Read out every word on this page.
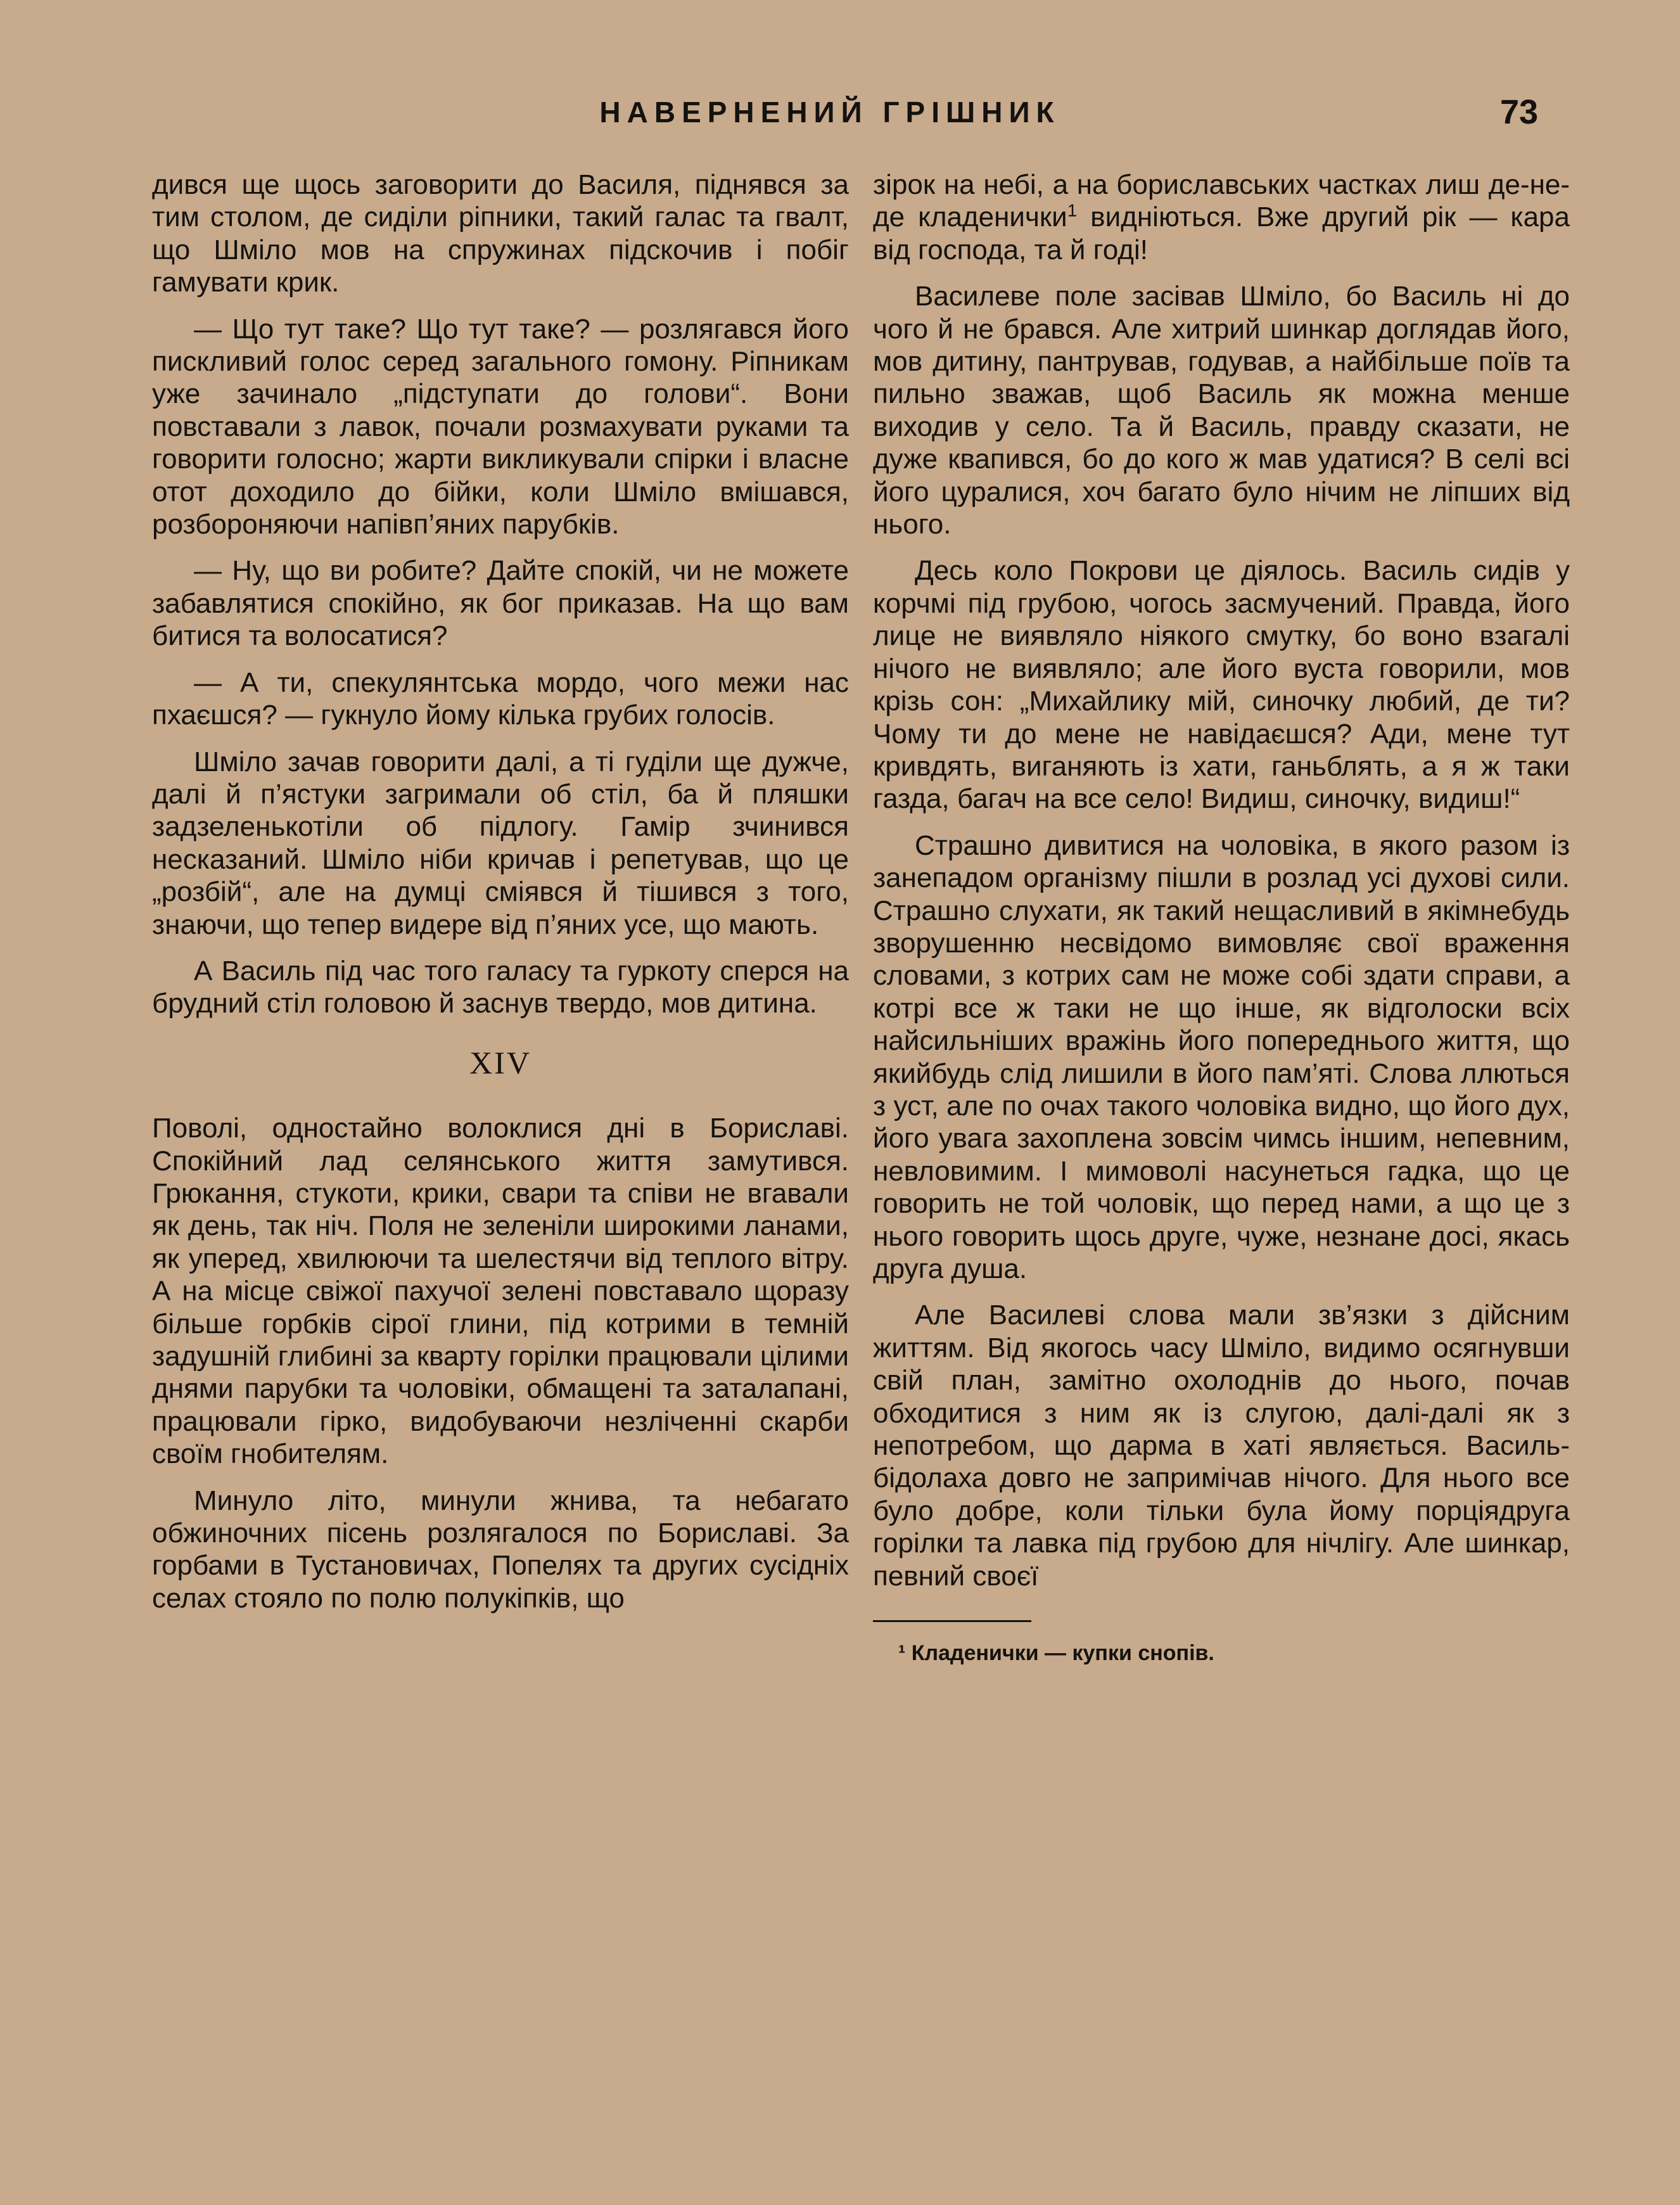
НАВЕРНЕНИЙ ГРІШНИК	73

дився ще щось заговорити до Василя, піднявся за тим столом, де сиділи ріпники, такий галас та гвалт, що Шміло мов на спружинах підскочив і побіг гамувати крик.

— Що тут таке? Що тут таке? — розлягався його пискливий голос серед загального гомону. Ріпникам уже зачинало „підступати до голови“. Вони повставали з лавок, почали розмахувати руками та говорити голосно; жарти викликували спірки і власне отот доходило до бійки, коли Шміло вмішався, розбороняючи напівп’яних парубків.

— Ну, що ви робите? Дайте спокій, чи не можете забавлятися спокійно, як бог приказав. На що вам битися та волосатися?

— А ти, спекулянтська мордо, чого межи нас пхаєшся? — гукнуло йому кілька грубих голосів.

Шміло зачав говорити далі, а ті гуділи ще дужче, далі й п’ястуки загримали об стіл, ба й пляшки задзеленькотіли об підлогу. Гамір зчинився несказаний. Шміло ніби кричав і репетував, що це „розбій“, але на думці сміявся й тішився з того, знаючи, що тепер видере від п’яних усе, що мають.

А Василь під час того галасу та гуркоту сперся на брудний стіл головою й заснув твердо, мов дитина.

XIV

Поволі, одностайно волоклися дні в Бориславі. Спокійний лад селянського життя замутився. Грюкання, стукоти, крики, свари та співи не вгавали як день, так ніч. Поля не зеленіли широкими ланами, як уперед, хвилюючи та шелестячи від теплого вітру. А на місце свіжої пахучої зелені повставало щоразу більше горбків сірої глини, під котрими в темній задушній глибині за кварту горілки працювали цілими днями парубки та чоловіки, обмащені та заталапані, працювали гірко, видобуваючи незліченні скарби своїм гнобителям.

Минуло літо, минули жнива, та небагато обжиночних пісень розлягалося по Бориславі. За горбами в Тустановичах, Попелях та других сусідніх селах стояло по полю полукіпків, що

зірок на небі, а на бориславських частках лиш де-не-де кладенички$^1$ видніються. Вже другий рік — кара від господа, та й годі!

Василеве поле засівав Шміло, бо Василь ні до чого й не брався. Але хитрий шинкар доглядав його, мов дитину, пантрував, годував, а найбільше поїв та пильно зважав, щоб Василь як можна менше виходив у село. Та й Василь, правду сказати, не дуже квапився, бо до кого ж мав удатися? В селі всі його цуралися, хоч багато було нічим не ліпших від нього.

Десь коло Покрови це діялось. Василь сидів у корчмі під грубою, чогось засмучений. Правда, його лице не виявляло ніякого смутку, бо воно взагалі нічого не виявляло; але його вуста говорили, мов крізь сон: „Михайлику мій, синочку любий, де ти? Чому ти до мене не навідаєшся? Ади, мене тут кривдять, виганяють із хати, ганьблять, а я ж таки газда, багач на все село! Видиш, синочку, видиш!“

Страшно дивитися на чоловіка, в якого разом із занепадом організму пішли в розлад усі духові сили. Страшно слухати, як такий нещасливий в якімнебудь зворушенню несвідомо вимовляє свої враження словами, з котрих сам не може собі здати справи, а котрі все ж таки не що інше, як відголоски всіх найсильніших вражінь його попереднього життя, що якийбудь слід лишили в його пам’яті. Слова ллються з уст, але по очах такого чоловіка видно, що його дух, його увага захоплена зовсім чимсь іншим, непевним, невловимим. І мимоволі насунеться гадка, що це говорить не той чоловік, що перед нами, а що це з нього говорить щось друге, чуже, незнане досі, якась друга душа.

Але Василеві слова мали зв’язки з дійсним життям. Від якогось часу Шміло, видимо осягнувши свій план, замітно охолоднів до нього, почав обходитися з ним як із слугою, далі-далі як з непотребом, що дарма в хаті являється. Василь-бідолаха довго не запримічав нічого. Для нього все було добре, коли тільки була йому порціядруга горілки та лавка під грубою для нічлігу. Але шинкар, певний своєї

¹ Кладенички — купки снопів.
